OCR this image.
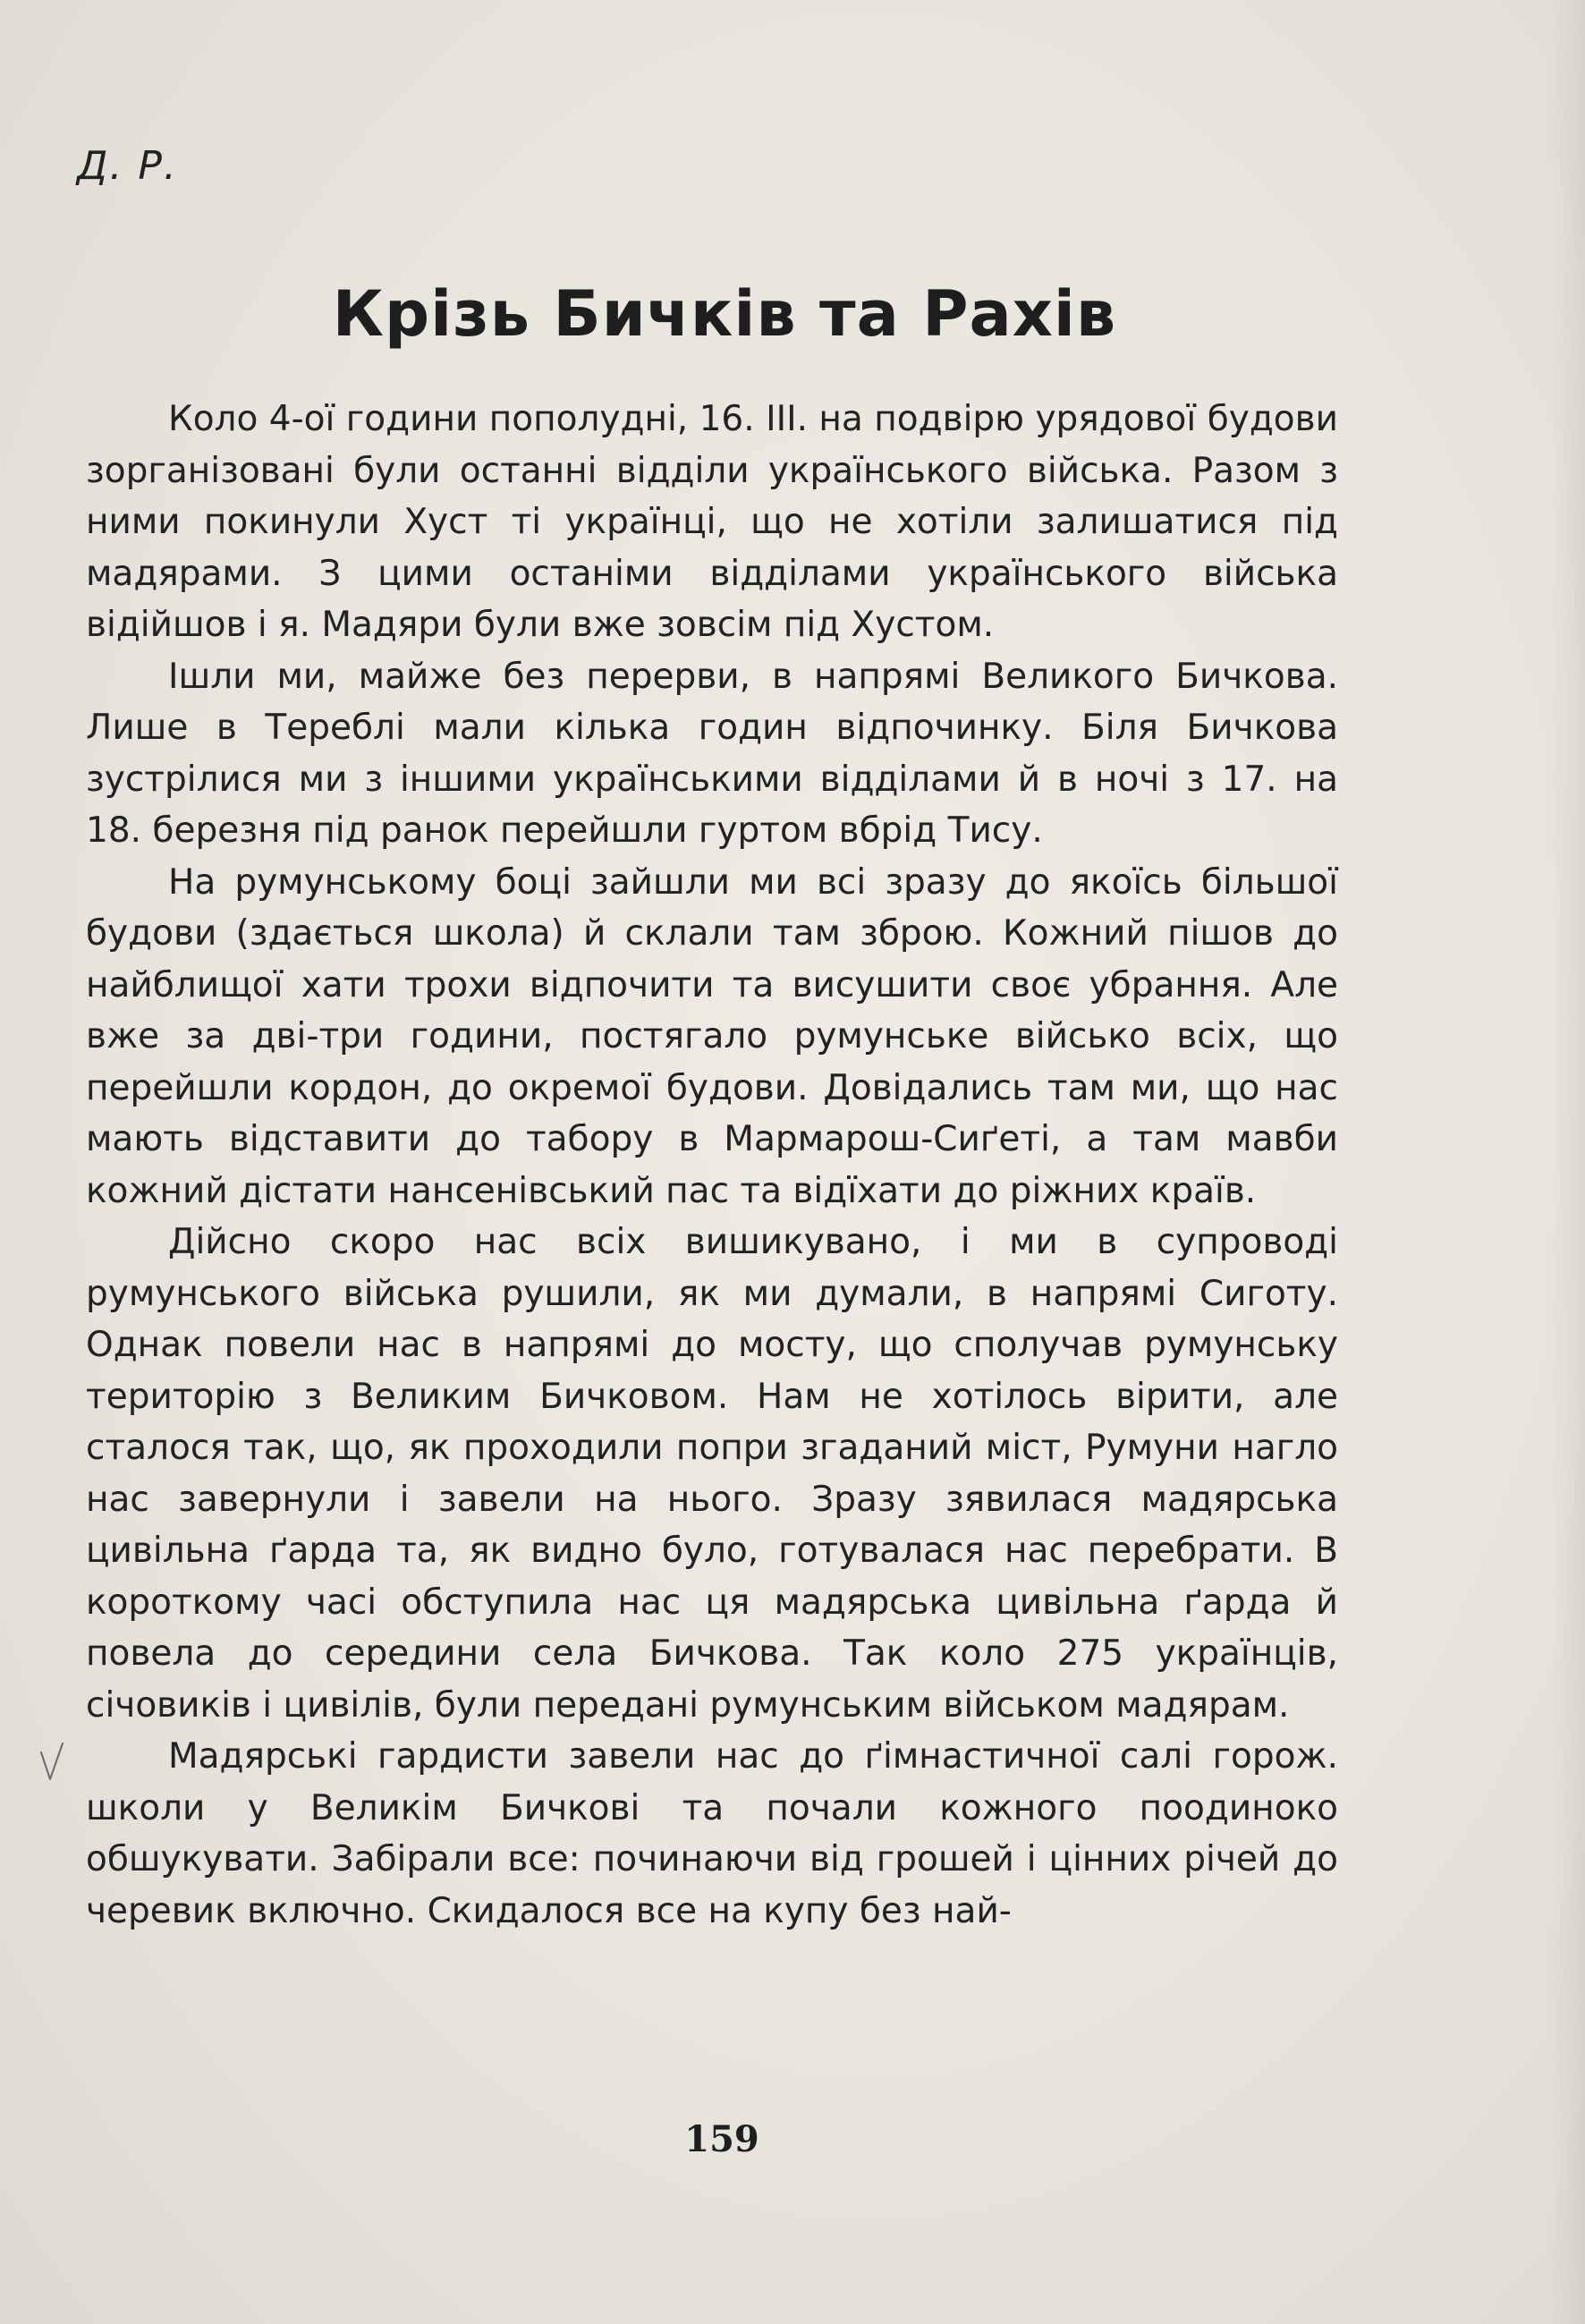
Д. Р.
Крізь Бичків та Рахів

Коло 4-ої години пополудні, 16. III. на подвірю урядової будови зорганізовані були останні відділи українського війська. Разом з ними покинули Хуст ті українці, що не хотіли залишатися під мадярами. З цими останіми відділами українського війська відійшов і я. Мадяри були вже зовсім під Хустом.

Ішли ми, майже без перерви, в напрямі Великого Бичкова. Лише в Тереблі мали кілька годин відпочинку. Біля Бичкова зустрілися ми з іншими українськими відділами й в ночі з 17. на 18. березня під ранок перейшли гуртом вбрід Тису.

На румунському боці зайшли ми всі зразу до якоїсь більшої будови (здається школа) й склали там зброю. Кожний пішов до найблищої хати трохи відпочити та висушити своє убрання. Але вже за дві-три години, постягало румунське військо всіх, що перейшли кордон, до окремої будови. Довідались там ми, що нас мають відставити до табору в Мармарош-Сиґеті, а там мавби кожний дістати нансенівський пас та відїхати до ріжних країв.

Дійсно скоро нас всіх вишикувано, і ми в супроводі румунського війська рушили, як ми думали, в напрямі Сиготу. Однак повели нас в напрямі до мосту, що сполучав румунську територію з Великим Бичковом. Нам не хотілось вірити, але сталося так, що, як проходили попри згаданий міст, Румуни нагло нас завернули і завели на нього. Зразу зявилася мадярська цивільна ґарда та, як видно було, готувалася нас перебрати. В короткому часі обступила нас ця мадярська цивільна ґарда й повела до середини села Бичкова. Так коло 275 українців, січовиків і цивілів, були передані румунським військом мадярам.

Мадярські гардисти завели нас до ґімнастичної салі горож. школи у Великім Бичкові та почали кожного поодиноко обшукувати. Забірали все: починаючи від грошей і цінних річей до черевик включно. Скидалося все на купу без най-

159
